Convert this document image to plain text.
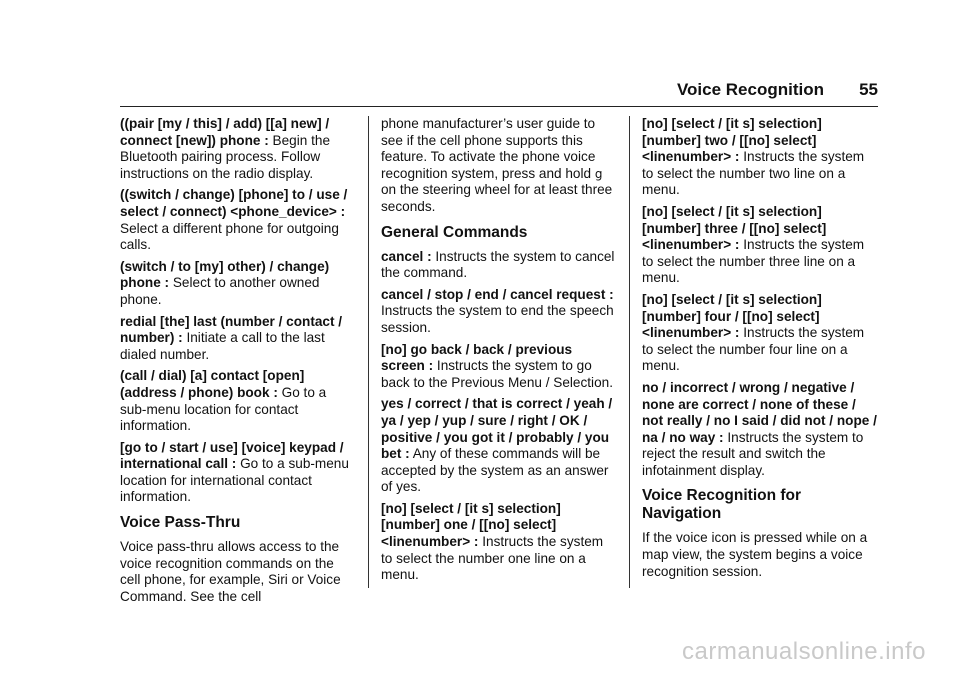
Voice Recognition 55
((pair [my / this] / add) [[a] new] / connect [new]) phone : Begin the Bluetooth pairing process. Follow instructions on the radio display.
((switch / change) [phone] to / use / select / connect) <phone_device> : Select a different phone for outgoing calls.
(switch / to [my] other) / change) phone : Select to another owned phone.
redial [the] last (number / contact / number) : Initiate a call to the last dialed number.
(call / dial) [a] contact [open] (address / phone) book : Go to a sub-menu location for contact information.
[go to / start / use] [voice] keypad / international call : Go to a sub-menu location for international contact information.
Voice Pass-Thru

Voice pass-thru allows access to the voice recognition commands on the cell phone, for example, Siri or Voice Command. See the cell

phone manufacturer’s user guide to see if the cell phone supports this feature. To activate the phone voice recognition system, press and hold g on the steering wheel for at least three seconds.

General Commands
cancel : Instructs the system to cancel the command.
cancel / stop / end / cancel request : Instructs the system to end the speech session.
[no] go back / back / previous screen : Instructs the system to go back to the Previous Menu / Selection.
yes / correct / that is correct / yeah / ya / yep / yup / sure / right / OK / positive / you got it / probably / you bet : Any of these commands will be accepted by the system as an answer of yes.
[no] [select / [it s] selection] [number] one / [[no] select] <linenumber> : Instructs the system to select the number one line on a menu.
[no] [select / [it s] selection] [number] two / [[no] select] <linenumber> : Instructs the system to select the number two line on a menu.
[no] [select / [it s] selection] [number] three / [[no] select] <linenumber> : Instructs the system to select the number three line on a menu.
[no] [select / [it s] selection] [number] four / [[no] select] <linenumber> : Instructs the system to select the number four line on a menu.
no / incorrect / wrong / negative / none are correct / none of these / not really / no I said / did not / nope / na / no way : Instructs the system to reject the result and switch the infotainment display.
Voice Recognition for Navigation

If the voice icon is pressed while on a map view, the system begins a voice recognition session.

carmanualsonline.info
